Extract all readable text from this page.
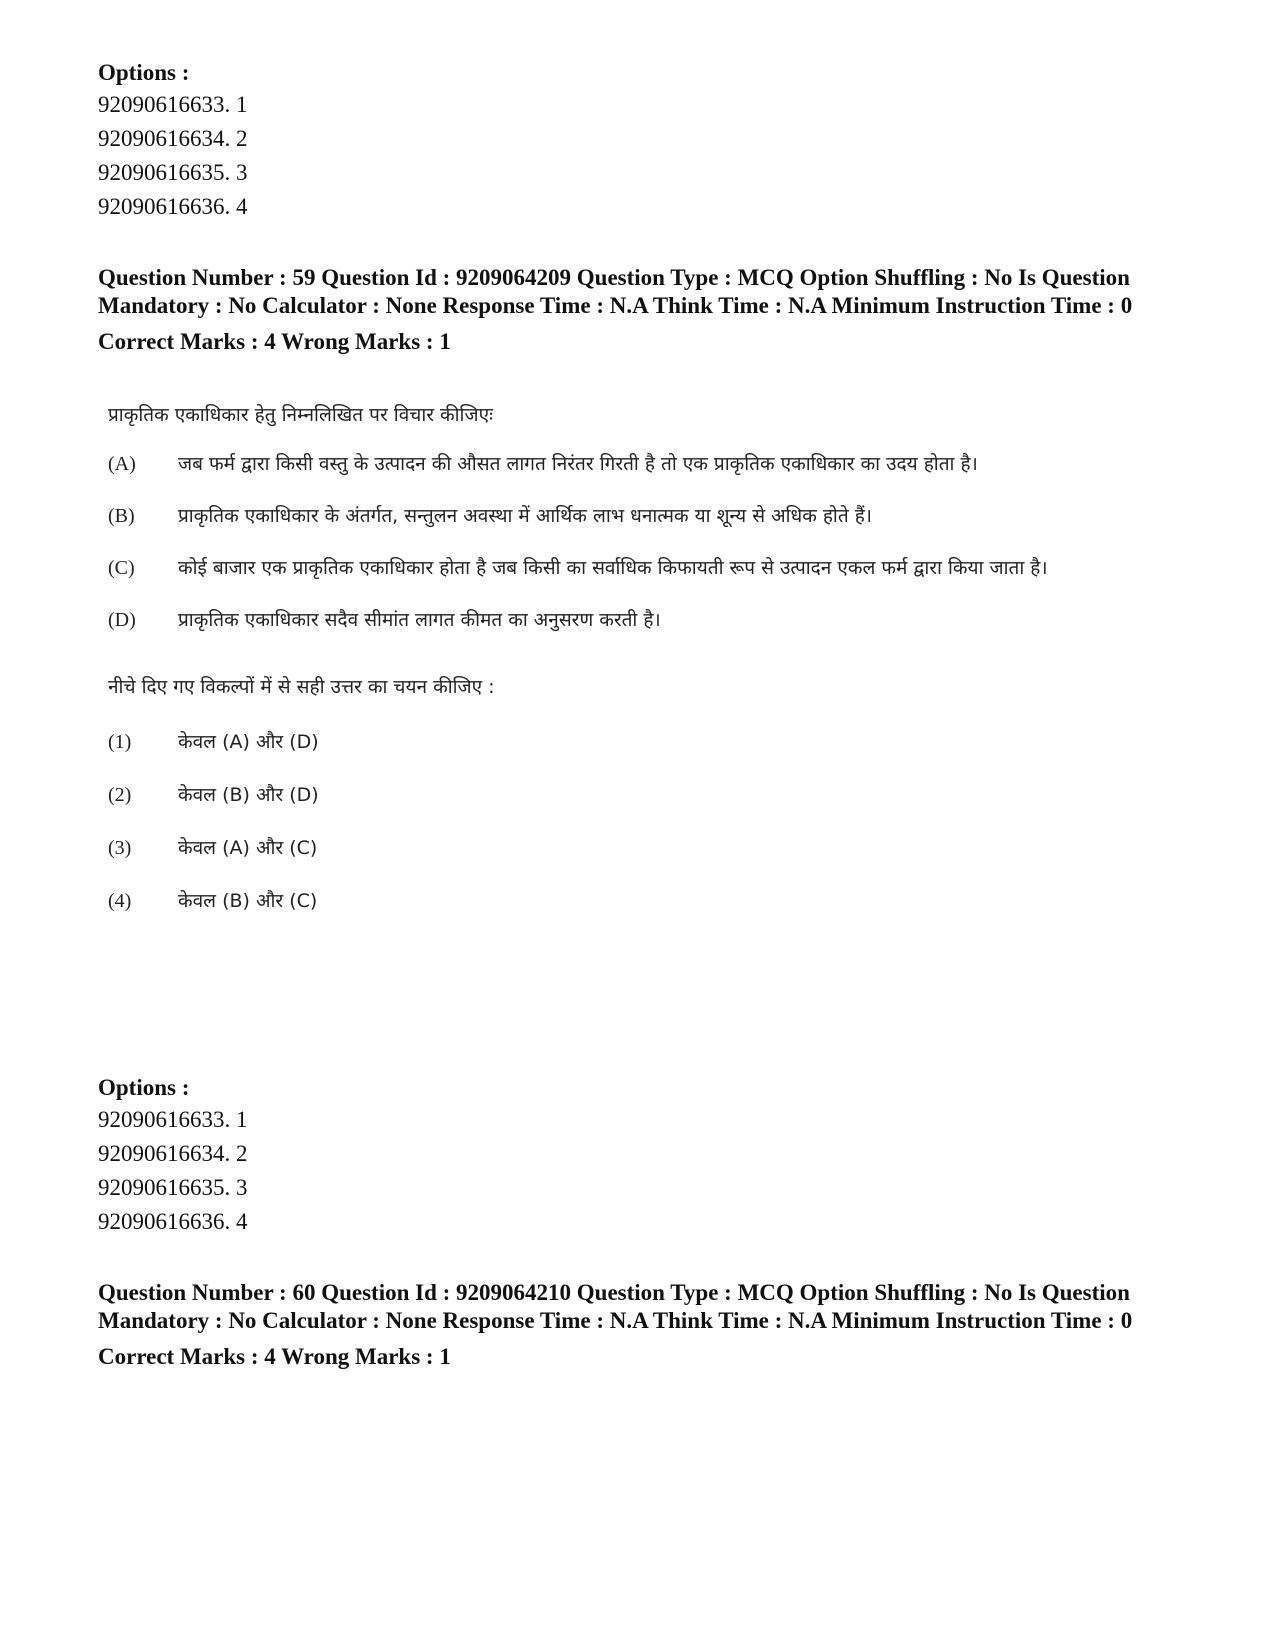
Options :
92090616633. 1
92090616634. 2
92090616635. 3
92090616636. 4
Question Number : 59 Question Id : 9209064209 Question Type : MCQ Option Shuffling : No Is Question Mandatory : No Calculator : None Response Time : N.A Think Time : N.A Minimum Instruction Time : 0
Correct Marks : 4 Wrong Marks : 1
प्राकृतिक एकाधिकार हेतु निम्नलिखित पर विचार कीजिएः
(A)	जब फर्म द्वारा किसी वस्तु के उत्पादन की औसत लागत निरंतर गिरती है तो एक प्राकृतिक एकाधिकार का उदय होता है।
(B)	प्राकृतिक एकाधिकार के अंतर्गत, सन्तुलन अवस्था में आर्थिक लाभ धनात्मक या शून्य से अधिक होते हैं।
(C)	कोई बाजार एक प्राकृतिक एकाधिकार होता है जब किसी का सर्वाधिक किफायती रूप से उत्पादन एकल फर्म द्वारा किया जाता है।
(D)	प्राकृतिक एकाधिकार सदैव सीमांत लागत कीमत का अनुसरण करती है।
नीचे दिए गए विकल्पों में से सही उत्तर का चयन कीजिए :
(1)	केवल (A) और (D)
(2)	केवल (B) और (D)
(3)	केवल (A) और (C)
(4)	केवल (B) और (C)
Options :
92090616633. 1
92090616634. 2
92090616635. 3
92090616636. 4
Question Number : 60 Question Id : 9209064210 Question Type : MCQ Option Shuffling : No Is Question Mandatory : No Calculator : None Response Time : N.A Think Time : N.A Minimum Instruction Time : 0
Correct Marks : 4 Wrong Marks : 1
